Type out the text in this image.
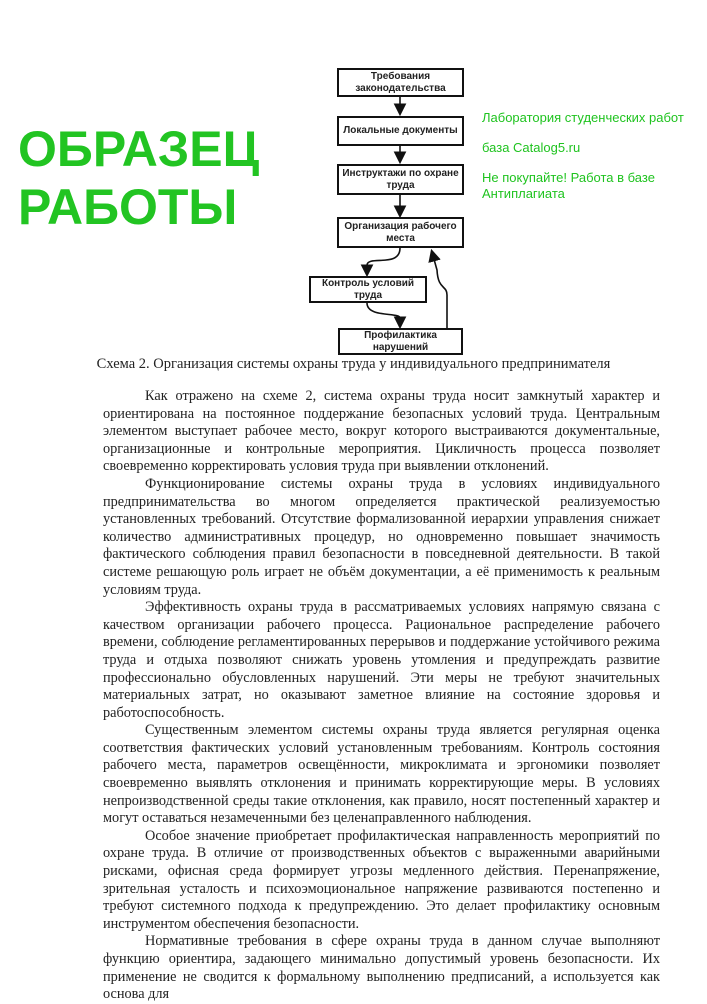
Требования законодательства
Локальные документы
Инструктажи по охране труда
Организация рабочего места
Контроль условий труда
Профилактика нарушений
Схема 2. Организация системы охраны труда у индивидуального предпринимателя

Как отражено на схеме 2, система охраны труда носит замкнутый характер и ориентирована на постоянное поддержание безопасных условий труда. Центральным элементом выступает рабочее место, вокруг которого выстраиваются документальные, организационные и контрольные мероприятия. Цикличность процесса позволяет своевременно корректировать условия труда при выявлении отклонений.

Функционирование системы охраны труда в условиях индивидуального предпринимательства во многом определяется практической реализуемостью установленных требований. Отсутствие формализованной иерархии управления снижает количество административных процедур, но одновременно повышает значимость фактического соблюдения правил безопасности в повседневной деятельности. В такой системе решающую роль играет не объём документации, а её применимость к реальным условиям труда.

Эффективность охраны труда в рассматриваемых условиях напрямую связана с качеством организации рабочего процесса. Рациональное распределение рабочего времени, соблюдение регламентированных перерывов и поддержание устойчивого режима труда и отдыха позволяют снижать уровень утомления и предупреждать развитие профессионально обусловленных нарушений. Эти меры не требуют значительных материальных затрат, но оказывают заметное влияние на состояние здоровья и работоспособность.

Существенным элементом системы охраны труда является регулярная оценка соответствия фактических условий установленным требованиям. Контроль состояния рабочего места, параметров освещённости, микроклимата и эргономики позволяет своевременно выявлять отклонения и принимать корректирующие меры. В условиях непроизводственной среды такие отклонения, как правило, носят постепенный характер и могут оставаться незамеченными без целенаправленного наблюдения.

Особое значение приобретает профилактическая направленность мероприятий по охране труда. В отличие от производственных объектов с выраженными аварийными рисками, офисная среда формирует угрозы медленного действия. Перенапряжение, зрительная усталость и психоэмоциональное напряжение развиваются постепенно и требуют системного подхода к предупреждению. Это делает профилактику основным инструментом обеспечения безопасности.

Нормативные требования в сфере охраны труда в данном случае выполняют функцию ориентира, задающего минимально допустимый уровень безопасности. Их применение не сводится к формальному выполнению предписаний, а используется как основа для

ОБРАЗЕЦ РАБОТЫ
Лаборатория студенческих работ
база Catalog5.ru
Не покупайте! Работа в базе Антиплагиата
